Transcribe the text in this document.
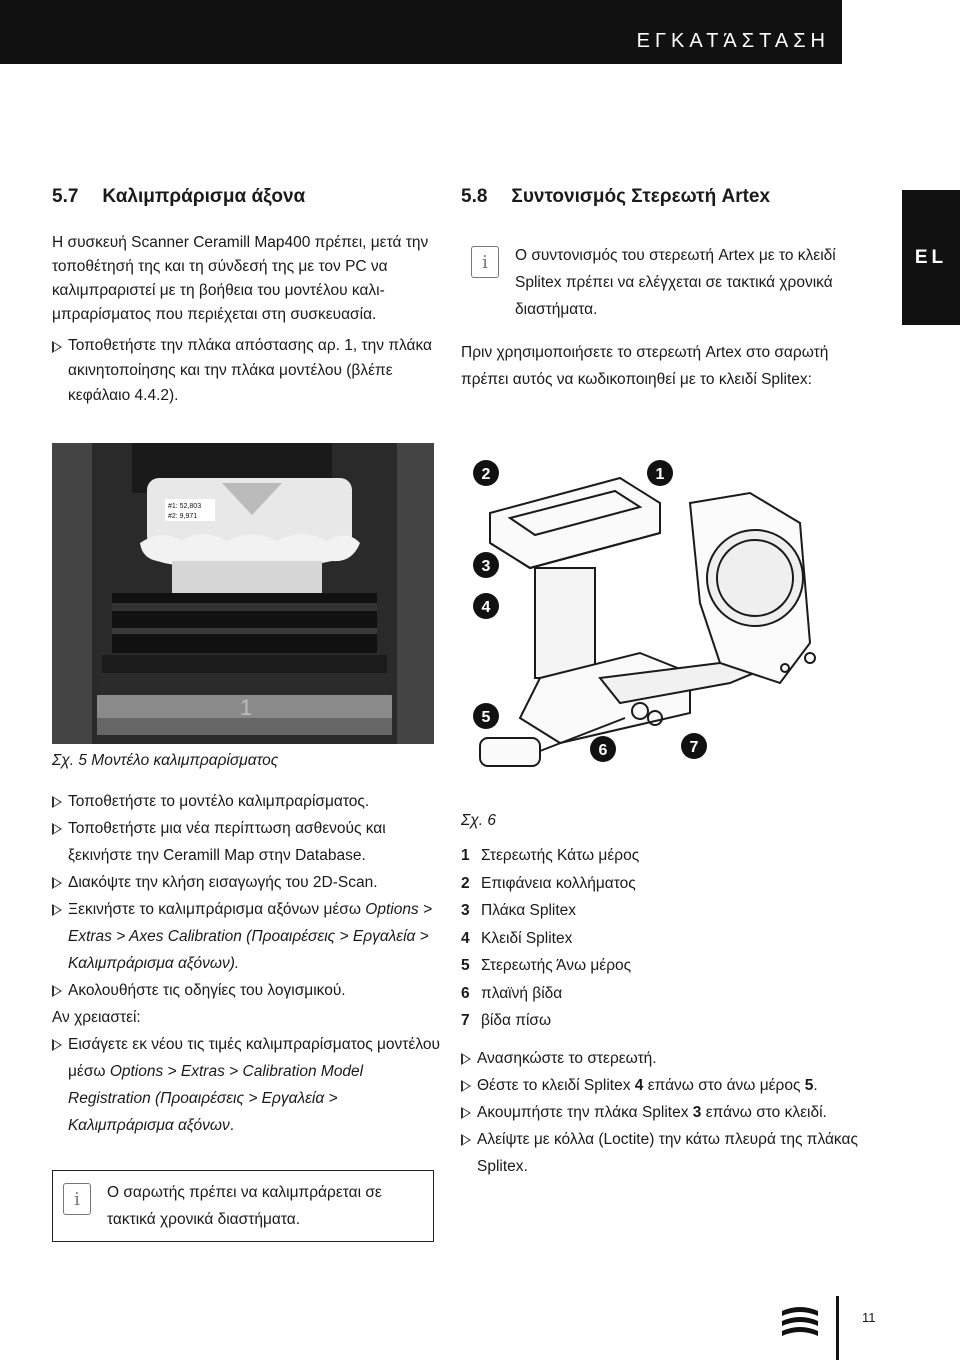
ΕΓΚΑΤΆΣΤΑΣΗ
EL
5.7 Καλιμπράρισμα άξονα

Η συσκευή Scanner Ceramill Map400 πρέπει, μετά την τοποθέτησή της και τη σύνδεσή της με τον PC να καλιμπραριστεί με τη βοήθεια του μοντέλου καλι-μπραρίσματος που περιέχεται στη συσκευασία.

Τοποθετήστε την πλάκα απόστασης αρ. 1, την πλάκα ακινητοποίησης και την πλάκα μοντέλου (βλέπε κεφάλαιο 4.4.2).
#1: 52,803
#2: 9,971
1
Σχ. 5 Μοντέλο καλιμπραρίσματος
Τοποθετήστε το μοντέλο καλιμπραρίσματος.
Τοποθετήστε μια νέα περίπτωση ασθενούς και ξεκινήστε την Ceramill Map στην Database.
Διακόψτε την κλήση εισαγωγής του 2D-Scan.
Ξεκινήστε το καλιμπράρισμα αξόνων μέσω Options > Extras > Axes Calibration (Προαιρέσεις > Εργαλεία > Καλιμπράρισμα αξόνων).
Ακολουθήστε τις οδηγίες του λογισμικού.

Αν χρειαστεί:

Εισάγετε εκ νέου τις τιμές καλιμπραρίσματος μοντέλου μέσω Options > Extras > Calibration Model Registration (Προαιρέσεις > Εργαλεία > Καλιμπράρισμα αξόνων.
i	Ο σαρωτής πρέπει να καλιμπράρεται σε τακτικά χρονικά διαστήματα.

5.8 Συντονισμός Στερεωτή Artex
i	Ο συντονισμός του στερεωτή Artex με το κλειδί Splitex πρέπει να ελέγχεται σε τακτικά χρονικά διαστήματα.

Πριν χρησιμοποιήσετε το στερεωτή Artex στο σαρωτή πρέπει αυτός να κωδικοποιηθεί με το κλειδί Splitex:

2	1
3
4
5
6	7
Σχ. 6
1 Στερεωτής Κάτω μέρος
2 Επιφάνεια κολλήματος
3 Πλάκα Splitex
4 Κλειδί Splitex
5 Στερεωτής Άνω μέρος
6 πλαϊνή βίδα
7 βίδα πίσω
Ανασηκώστε το στερεωτή.
Θέστε το κλειδί Splitex 4 επάνω στο άνω μέρος 5.
Ακουμπήστε την πλάκα Splitex 3 επάνω στο κλειδί.
Αλείψτε με κόλλα (Loctite) την κάτω πλευρά της πλάκας Splitex.
11
